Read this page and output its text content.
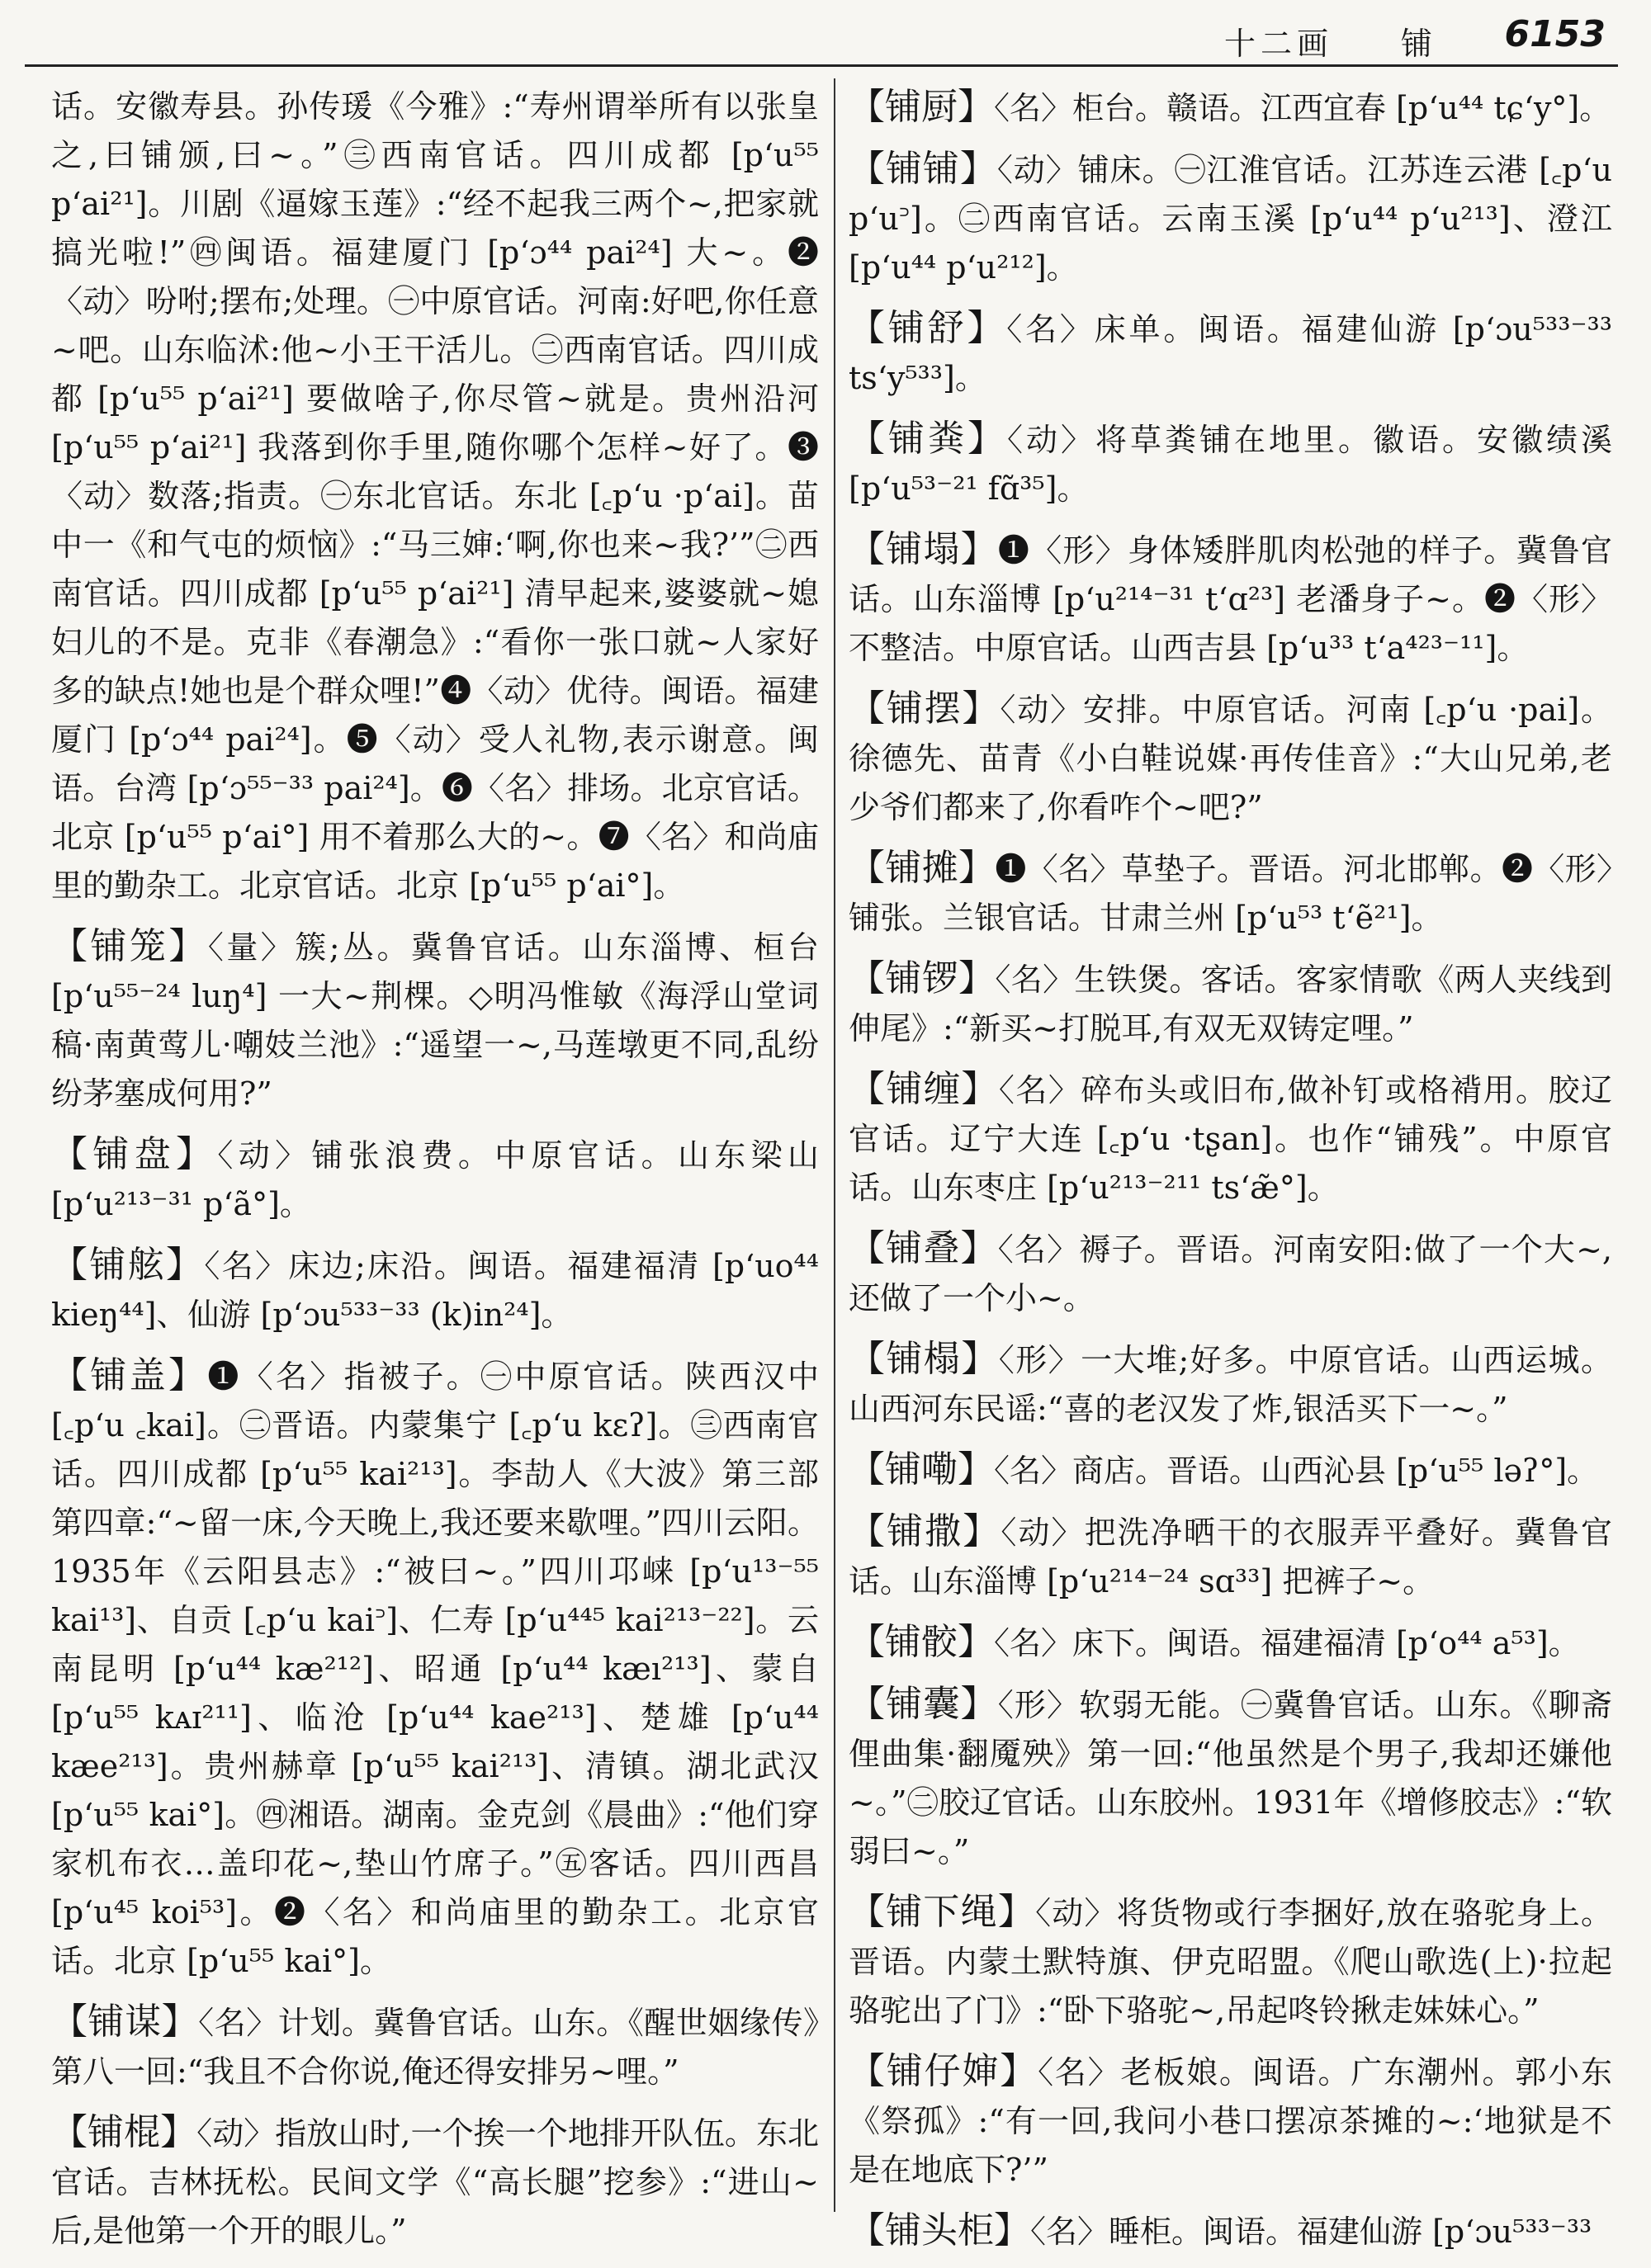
十二画 铺 6153

话。安徽寿县。孙传瑗《今雅》:“寿州谓举所有以张皇之,曰铺颁,曰~。”㊂西南官话。四川成都 [pʻu⁵⁵ pʻai²¹]。川剧《逼嫁玉莲》:“经不起我三两个~,把家就搞光啦!”㊃闽语。福建厦门 [pʻɔ⁴⁴ pai²⁴] 大~。❷〈动〉吩咐;摆布;处理。㊀中原官话。河南:好吧,你任意~吧。山东临沭:他~小王干活儿。㊁西南官话。四川成都 [pʻu⁵⁵ pʻai²¹] 要做啥子,你尽管~就是。贵州沿河 [pʻu⁵⁵ pʻai²¹] 我落到你手里,随你哪个怎样~好了。❸〈动〉数落;指责。㊀东北官话。东北 [꜀pʻu ·pʻai]。苗中一《和气屯的烦恼》:“马三婶:‘啊,你也来~我?’”㊁西南官话。四川成都 [pʻu⁵⁵ pʻai²¹] 清早起来,婆婆就~媳妇儿的不是。克非《春潮急》:“看你一张口就~人家好多的缺点!她也是个群众哩!”❹〈动〉优待。闽语。福建厦门 [pʻɔ⁴⁴ pai²⁴]。❺〈动〉受人礼物,表示谢意。闽语。台湾 [pʻɔ⁵⁵⁻³³ pai²⁴]。❻〈名〉排场。北京官话。北京 [pʻu⁵⁵ pʻai°] 用不着那么大的~。❼〈名〉和尚庙里的勤杂工。北京官话。北京 [pʻu⁵⁵ pʻai°]。

【铺笼】〈量〉簇;丛。冀鲁官话。山东淄博、桓台 [pʻu⁵⁵⁻²⁴ luŋ⁴] 一大~荆棵。◇明冯惟敏《海浮山堂词稿·南黄莺儿·嘲妓兰池》:“遥望一~,马莲墩更不同,乱纷纷茅塞成何用?”

【铺盘】〈动〉铺张浪费。中原官话。山东梁山 [pʻu²¹³⁻³¹ pʻã°]。

【铺舷】〈名〉床边;床沿。闽语。福建福清 [pʻuo⁴⁴ kieŋ⁴⁴]、仙游 [pʻɔu⁵³³⁻³³ (k)in²⁴]。

【铺盖】❶〈名〉指被子。㊀中原官话。陕西汉中 [꜀pʻu ꜀kai]。㊁晋语。内蒙集宁 [꜀pʻu kɛʔ]。㊂西南官话。四川成都 [pʻu⁵⁵ kai²¹³]。李劼人《大波》第三部第四章:“~留一床,今天晚上,我还要来歇哩。”四川云阳。1935年《云阳县志》:“被曰~。”四川邛崃 [pʻu¹³⁻⁵⁵ kai¹³]、自贡 [꜀pʻu kai꜄]、仁寿 [pʻu⁴⁴⁵ kai²¹³⁻²²]。云南昆明 [pʻu⁴⁴ kæ²¹²]、昭通 [pʻu⁴⁴ kæı²¹³]、蒙自 [pʻu⁵⁵ kᴀɪ²¹¹]、临沧 [pʻu⁴⁴ kae²¹³]、楚雄 [pʻu⁴⁴ kæe²¹³]。贵州赫章 [pʻu⁵⁵ kai²¹³]、清镇。湖北武汉 [pʻu⁵⁵ kai°]。㊃湘语。湖南。金克剑《晨曲》:“他们穿家机布衣…盖印花~,垫山竹席子。”㊄客话。四川西昌 [pʻu⁴⁵ koi⁵³]。❷〈名〉和尚庙里的勤杂工。北京官话。北京 [pʻu⁵⁵ kai°]。

【铺谋】〈名〉计划。冀鲁官话。山东。《醒世姻缘传》第八一回:“我且不合你说,俺还得安排另~哩。”

【铺棍】〈动〉指放山时,一个挨一个地排开队伍。东北官话。吉林抚松。民间文学《“高长腿”挖参》:“进山~后,是他第一个开的眼儿。”

【铺厨】〈名〉柜台。赣语。江西宜春 [pʻu⁴⁴ tɕʻy°]。

【铺铺】〈动〉铺床。㊀江淮官话。江苏连云港 [꜀pʻu pʻu꜄]。㊁西南官话。云南玉溪 [pʻu⁴⁴ pʻu²¹³]、澄江 [pʻu⁴⁴ pʻu²¹²]。

【铺舒】〈名〉床单。闽语。福建仙游 [pʻɔu⁵³³⁻³³ tsʻy⁵³³]。

【铺粪】〈动〉将草粪铺在地里。徽语。安徽绩溪 [pʻu⁵³⁻²¹ fɑ̃³⁵]。

【铺塌】❶〈形〉身体矮胖肌肉松弛的样子。冀鲁官话。山东淄博 [pʻu²¹⁴⁻³¹ tʻɑ²³] 老潘身子~。❷〈形〉不整洁。中原官话。山西吉县 [pʻu³³ tʻa⁴²³⁻¹¹]。

【铺摆】〈动〉安排。中原官话。河南 [꜀pʻu ·pai]。徐德先、苗青《小白鞋说媒·再传佳音》:“大山兄弟,老少爷们都来了,你看咋个~吧?”

【铺摊】❶〈名〉草垫子。晋语。河北邯郸。❷〈形〉铺张。兰银官话。甘肃兰州 [pʻu⁵³ tʻẽ²¹]。

【铺锣】〈名〉生铁煲。客话。客家情歌《两人夹线到伸尾》:“新买~打脱耳,有双无双铸定哩。”

【铺缠】〈名〉碎布头或旧布,做补钉或格褙用。胶辽官话。辽宁大连 [꜀pʻu ·tʂan]。也作“铺残”。中原官话。山东枣庄 [pʻu²¹³⁻²¹¹ tsʻæ̃°]。

【铺叠】〈名〉褥子。晋语。河南安阳:做了一个大~,还做了一个小~。

【铺榻】〈形〉一大堆;好多。中原官话。山西运城。山西河东民谣:“喜的老汉发了炸,银活买下一~。”

【铺嘞】〈名〉商店。晋语。山西沁县 [pʻu⁵⁵ ləʔ°]。

【铺撒】〈动〉把洗净晒干的衣服弄平叠好。冀鲁官话。山东淄博 [pʻu²¹⁴⁻²⁴ sɑ³³] 把裤子~。

【铺骹】〈名〉床下。闽语。福建福清 [pʻo⁴⁴ a⁵³]。

【铺囊】〈形〉软弱无能。㊀冀鲁官话。山东。《聊斋俚曲集·翻魇殃》第一回:“他虽然是个男子,我却还嫌他~。”㊁胶辽官话。山东胶州。1931年《增修胶志》:“软弱曰~。”

【铺下绳】〈动〉将货物或行李捆好,放在骆驼身上。晋语。内蒙土默特旗、伊克昭盟。《爬山歌选(上)·拉起骆驼出了门》:“卧下骆驼~,吊起咚铃揪走妹妹心。”

【铺仔婶】〈名〉老板娘。闽语。广东潮州。郭小东《祭孤》:“有一回,我问小巷口摆凉茶摊的~:‘地狱是不是在地底下?’”

【铺头柜】〈名〉睡柜。闽语。福建仙游 [pʻɔu⁵³³⁻³³
